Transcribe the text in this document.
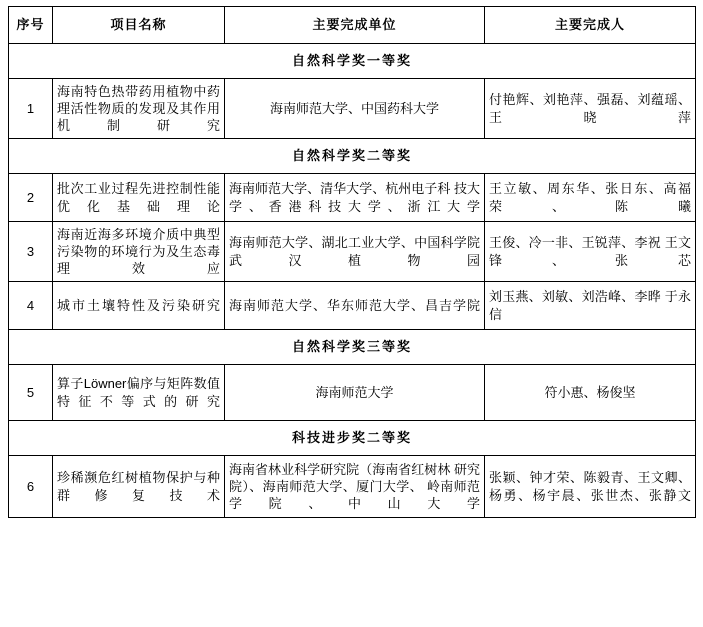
序号	项目名称	主要完成单位	主要完成人
自然科学奖一等奖			
1	海南特色热带药用植物中药理活性物质的发现及其作用机制研究	海南师范大学、中国药科大学	付艳辉、刘艳萍、强磊、刘蕴瑶、王晓萍
自然科学奖二等奖			
2	批次工业过程先进控制性能优化基础理论	海南师范大学、清华大学、杭州电子科 技大学、香港科技大学、浙江大学	王立敏、周东华、张日东、高福荣、陈曦
3	海南近海多环境介质中典型污染物的环境行为及生态毒理效应	海南师范大学、湖北工业大学、中国科学院武汉植物园	王俊、冷一非、王锐萍、李祝 王文锋、张芯
4	城市土壤特性及污染研究	海南师范大学、华东师范大学、昌吉学院	刘玉燕、刘敏、刘浩峰、李晔 于永信
自然科学奖三等奖			
5	算子Löwner偏序与矩阵数值特征不等式的研究	海南师范大学	符小惠、杨俊坚
科技进步奖二等奖			
6	珍稀濒危红树植物保护与种群修复技术	海南省林业科学研究院（海南省红树林 研究院）、海南师范大学、厦门大学、 岭南师范学院、中山大学	张颖、钟才荣、陈毅青、王文卿、杨勇、杨宇晨、张世杰、张静文
